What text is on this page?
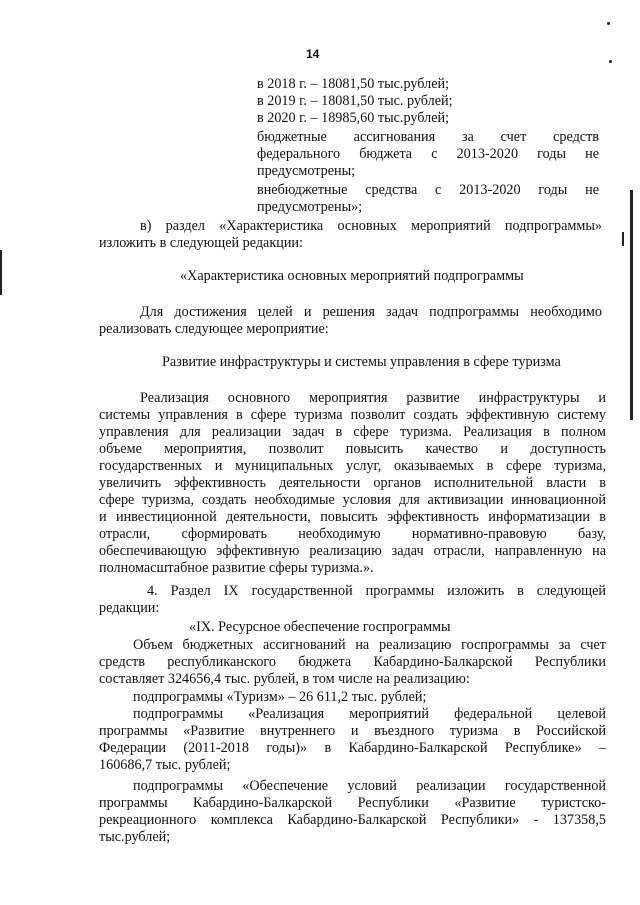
14
в 2018 г. – 18081,50 тыс.рублей;
в 2019 г. – 18081,50 тыс. рублей;
в 2020 г. – 18985,60 тыс.рублей;
бюджетные ассигнования за счет средств
федерального бюджета с 2013-2020 годы не
предусмотрены;
внебюджетные средства с 2013-2020 годы не
предусмотрены»;
в) раздел «Характеристика основных мероприятий подпрограммы»
изложить в следующей редакции:
«Характеристика основных мероприятий подпрограммы
Для достижения целей и решения задач подпрограммы необходимо
реализовать следующее мероприятие:
Развитие инфраструктуры и системы управления в сфере туризма
Реализация основного мероприятия развитие инфраструктуры и
системы управления в сфере туризма позволит создать эффективную систему
управления для реализации задач в сфере туризма. Реализация в полном
объеме мероприятия, позволит повысить качество и доступность
государственных и муниципальных услуг, оказываемых в сфере туризма,
увеличить эффективность деятельности органов исполнительной власти в
сфере туризма, создать необходимые условия для активизации инновационной
и инвестиционной деятельности, повысить эффективность информатизации в
отрасли, сформировать необходимую нормативно-правовую базу,
обеспечивающую эффективную реализацию задач отрасли, направленную на
полномасштабное развитие сферы туризма.».
4. Раздел IX государственной программы изложить в следующей
редакции:
«IX. Ресурсное обеспечение госпрограммы
Объем бюджетных ассигнований на реализацию госпрограммы за счет
средств республиканского бюджета Кабардино-Балкарской Республики
составляет 324656,4 тыс. рублей, в том числе на реализацию:
подпрограммы «Туризм» – 26 611,2 тыс. рублей;
подпрограммы «Реализация мероприятий федеральной целевой
программы «Развитие внутреннего и въездного туризма в Российской
Федерации (2011-2018 годы)» в Кабардино-Балкарской Республике» –
160686,7 тыс. рублей;
подпрограммы «Обеспечение условий реализации государственной
программы Кабардино-Балкарской Республики «Развитие туристско-
рекреационного комплекса Кабардино-Балкарской Республики» - 137358,5
тыс.рублей;
